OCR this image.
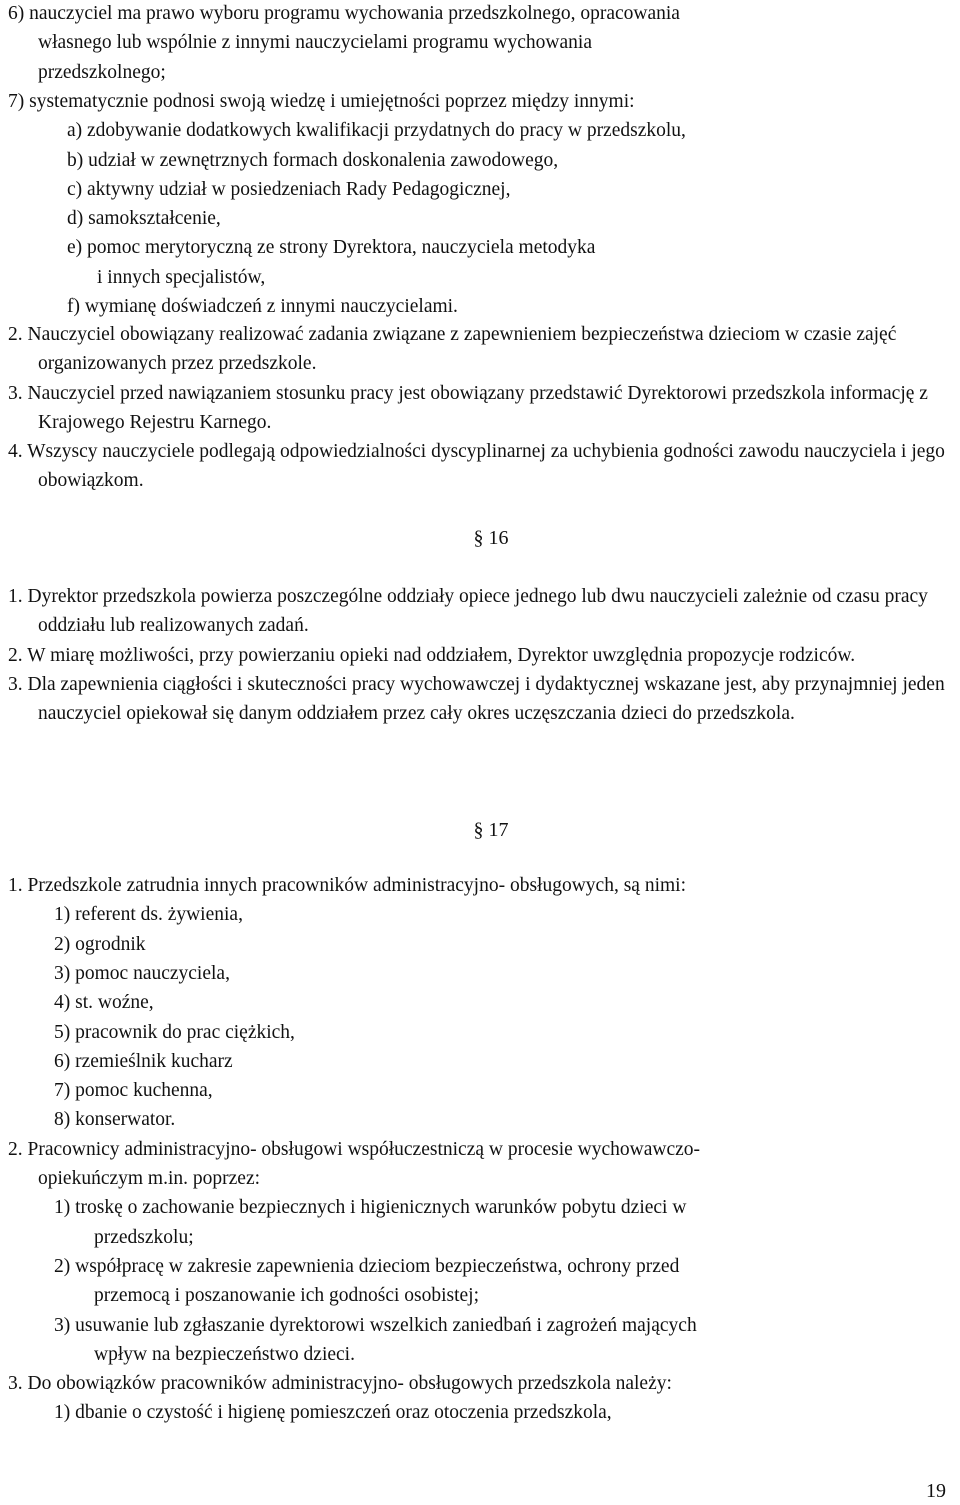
6) nauczyciel ma prawo wyboru programu wychowania przedszkolnego, opracowania
własnego lub wspólnie z innymi nauczycielami programu wychowania
przedszkolnego;
7) systematycznie podnosi swoją wiedzę i umiejętności poprzez między innymi:
a) zdobywanie dodatkowych kwalifikacji przydatnych do pracy w przedszkolu,
b) udział w zewnętrznych formach doskonalenia zawodowego,
c) aktywny udział w posiedzeniach Rady Pedagogicznej,
d) samokształcenie,
e) pomoc merytoryczną ze strony Dyrektora, nauczyciela metodyka
i innych specjalistów,
f) wymianę doświadczeń z innymi nauczycielami.
2. Nauczyciel obowiązany realizować zadania związane z zapewnieniem bezpieczeństwa dzieciom w czasie zajęć organizowanych przez przedszkole.
3. Nauczyciel przed nawiązaniem stosunku pracy jest obowiązany przedstawić Dyrektorowi przedszkola informację z Krajowego Rejestru Karnego.
4. Wszyscy nauczyciele podlegają odpowiedzialności dyscyplinarnej za uchybienia godności zawodu nauczyciela i jego obowiązkom.
§ 16
1. Dyrektor przedszkola powierza poszczególne oddziały opiece jednego lub dwu nauczycieli zależnie od czasu pracy oddziału lub realizowanych zadań.
2. W miarę możliwości, przy powierzaniu opieki nad oddziałem, Dyrektor uwzględnia propozycje rodziców.
3. Dla zapewnienia ciągłości i skuteczności pracy wychowawczej i dydaktycznej wskazane jest, aby przynajmniej jeden nauczyciel opiekował się danym oddziałem przez cały okres uczęszczania dzieci do przedszkola.
§ 17
1. Przedszkole zatrudnia innych pracowników administracyjno- obsługowych, są nimi:
1) referent ds. żywienia,
2) ogrodnik
3) pomoc nauczyciela,
4) st. woźne,
5) pracownik do prac ciężkich,
6) rzemieślnik kucharz
7) pomoc kuchenna,
8) konserwator.
2. Pracownicy administracyjno- obsługowi współuczestniczą w procesie wychowawczo-
opiekuńczym m.in. poprzez:
1) troskę o zachowanie bezpiecznych i higienicznych warunków pobytu dzieci w
przedszkolu;
2) współpracę w zakresie zapewnienia dzieciom bezpieczeństwa, ochrony przed
przemocą i poszanowanie ich godności osobistej;
3) usuwanie lub zgłaszanie dyrektorowi wszelkich zaniedbań i zagrożeń mających
wpływ na bezpieczeństwo dzieci.
3. Do obowiązków pracowników administracyjno- obsługowych przedszkola należy:
1) dbanie o czystość i higienę pomieszczeń oraz otoczenia przedszkola,
19
